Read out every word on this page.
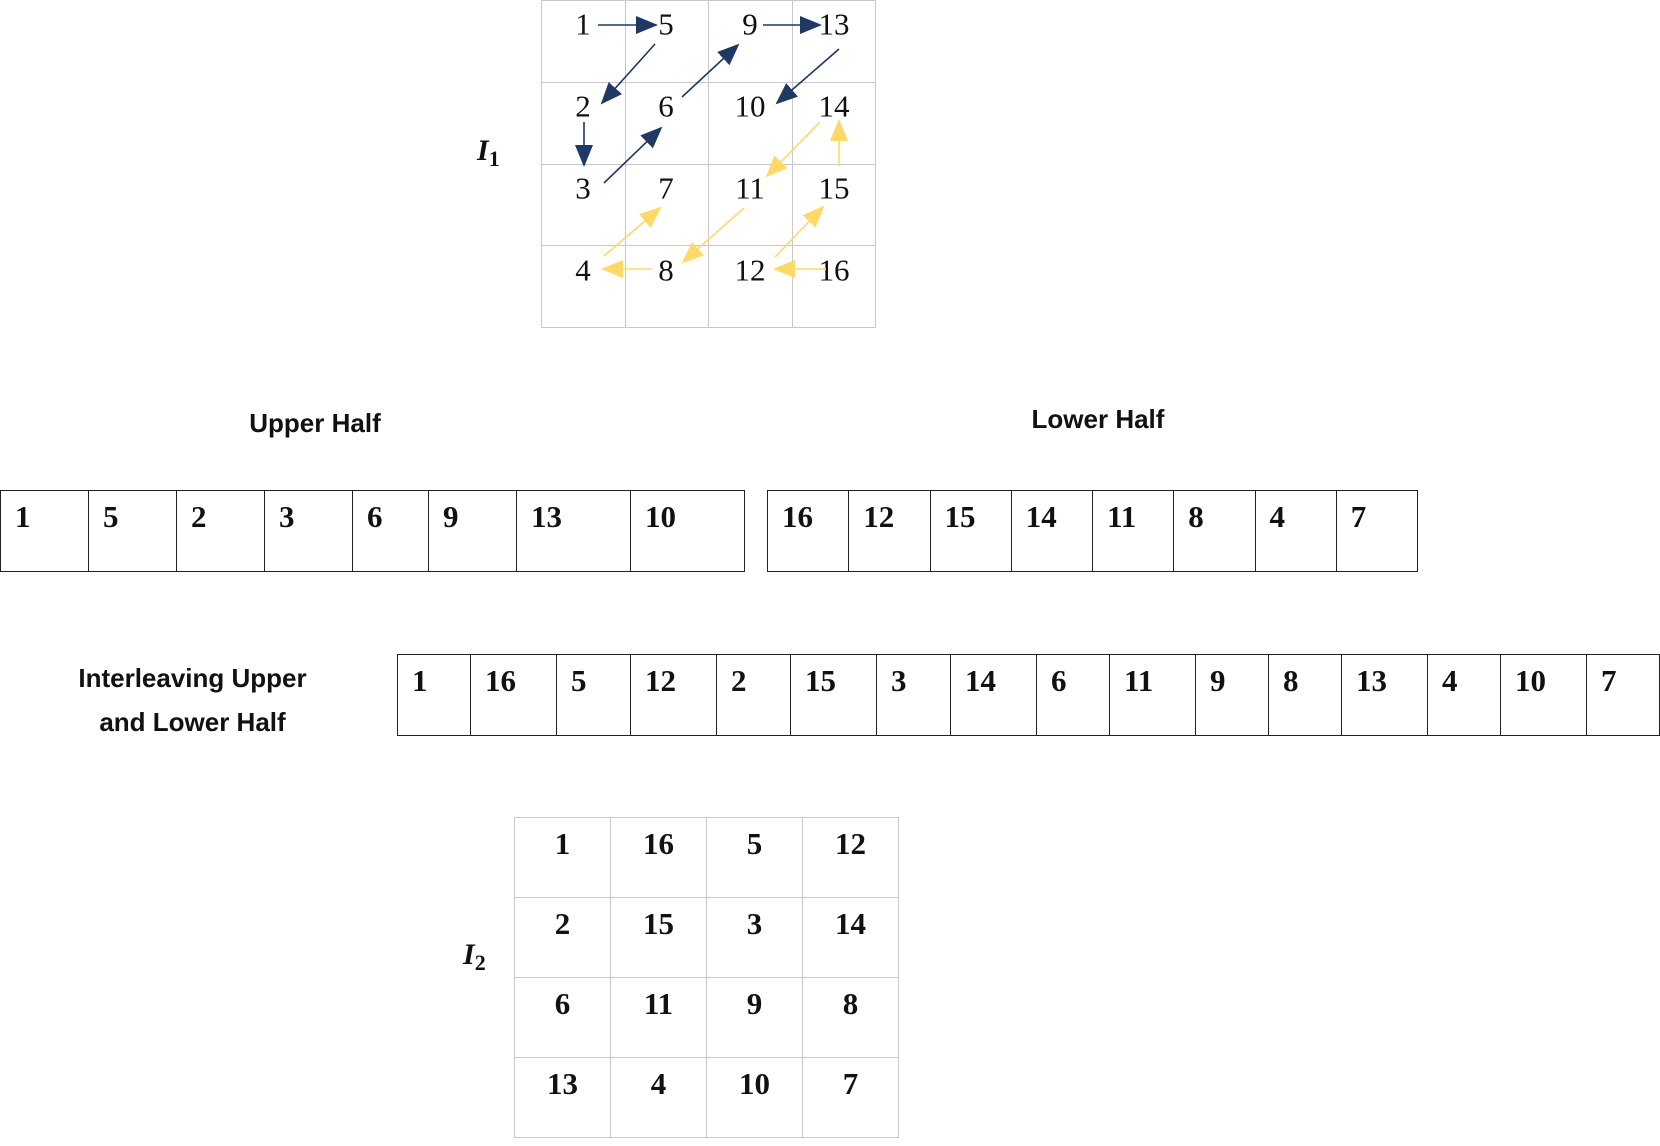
$I_1$

1 5 9 13
2 6 10 14
3 7 11 15
4 8 12 16
Upper Half
1	5	2	3	6	9	13	10
Lower Half
16	12	15	14	11	8	4	7
Interleaving Upper
and Lower Half
1	16	5	12	2	15	3	14	6	11	9	8	13	4	10	7
$I_2$
1	16	5	12
2	15	3	14
6	11	9	8
13	4	10	7
